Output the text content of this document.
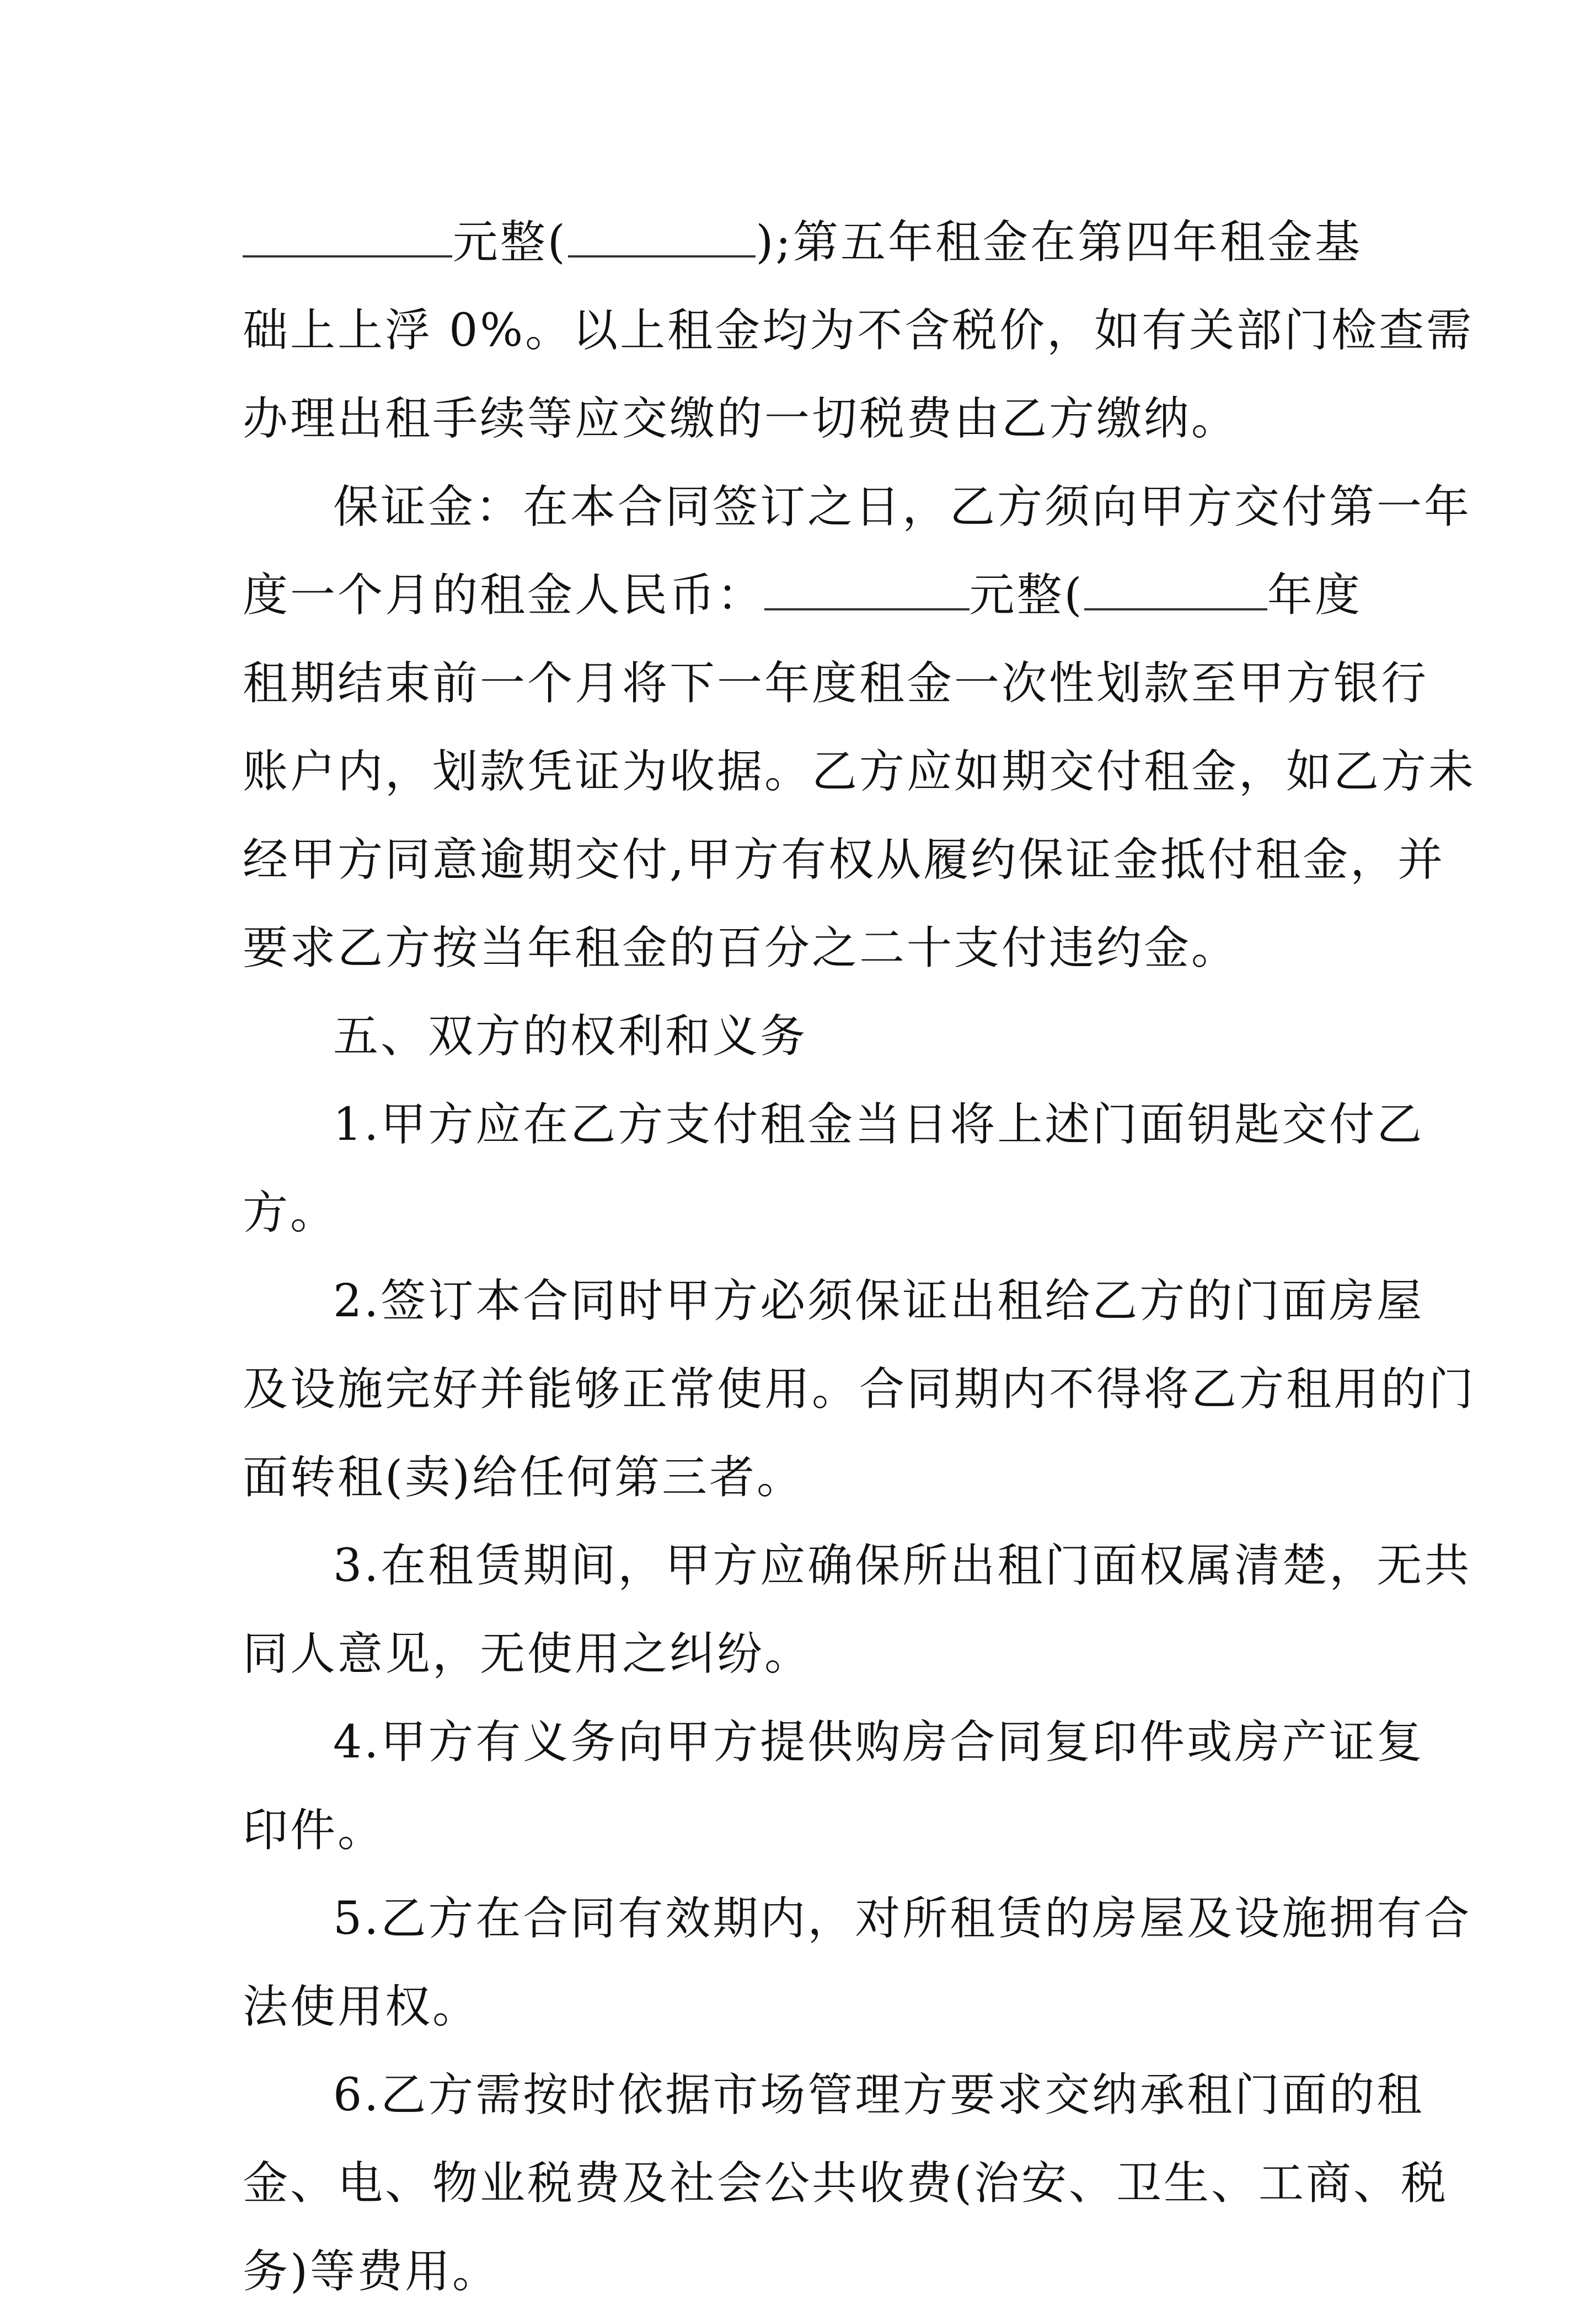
元整(	);第五年租金在第四年租金基
础上上浮 0%。以上租金均为不含税价，如有关部门检查需
办理出租手续等应交缴的一切税费由乙方缴纳。
保证金：在本合同签订之日，乙方须向甲方交付第一年
度一个月的租金人民币：	元整(	年度
租期结束前一个月将下一年度租金一次性划款至甲方银行
账户内，划款凭证为收据。乙方应如期交付租金，如乙方未
经甲方同意逾期交付,甲方有权从履约保证金抵付租金，并
要求乙方按当年租金的百分之二十支付违约金。
五、双方的权利和义务
1.甲方应在乙方支付租金当日将上述门面钥匙交付乙
方。
2.签订本合同时甲方必须保证出租给乙方的门面房屋
及设施完好并能够正常使用。合同期内不得将乙方租用的门
面转租(卖)给任何第三者。
3.在租赁期间，甲方应确保所出租门面权属清楚，无共
同人意见，无使用之纠纷。
4.甲方有义务向甲方提供购房合同复印件或房产证复
印件。
5.乙方在合同有效期内，对所租赁的房屋及设施拥有合
法使用权。
6.乙方需按时依据市场管理方要求交纳承租门面的租
金、电、物业税费及社会公共收费(治安、卫生、工商、税
务)等费用。
